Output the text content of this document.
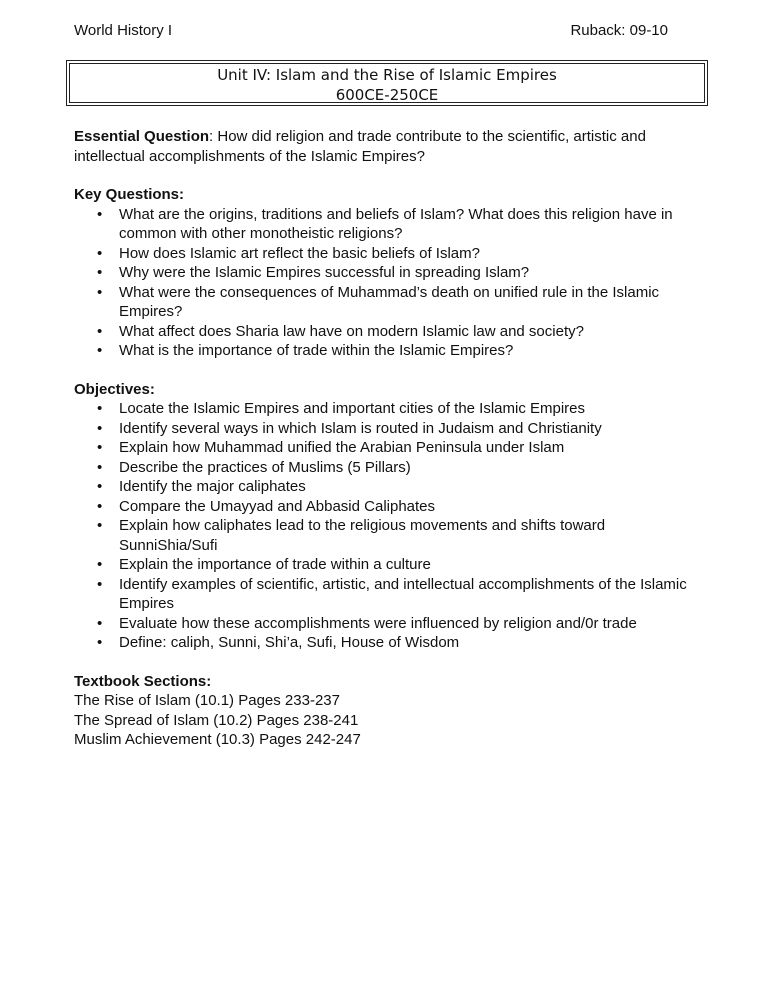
World History I	Ruback: 09-10
Unit IV: Islam and the Rise of Islamic Empires
600CE-250CE

Essential Question: How did religion and trade contribute to the scientific, artistic and intellectual accomplishments of the Islamic Empires?

Key Questions:

• What are the origins, traditions and beliefs of Islam? What does this religion have in common with other monotheistic religions?
• How does Islamic art reflect the basic beliefs of Islam?
• Why were the Islamic Empires successful in spreading Islam?
• What were the consequences of Muhammad’s death on unified rule in the Islamic Empires?
• What affect does Sharia law have on modern Islamic law and society?
• What is the importance of trade within the Islamic Empires?

Objectives:

• Locate the Islamic Empires and important cities of the Islamic Empires
• Identify several ways in which Islam is routed in Judaism and Christianity
• Explain how Muhammad unified the Arabian Peninsula under Islam
• Describe the practices of Muslims (5 Pillars)
• Identify the major caliphates
• Compare the Umayyad and Abbasid Caliphates
• Explain how caliphates lead to the religious movements and shifts toward SunniShia/Sufi
• Explain the importance of trade within a culture
• Identify examples of scientific, artistic, and intellectual accomplishments of the Islamic Empires
• Evaluate how these accomplishments were influenced by religion and/0r trade
• Define: caliph, Sunni, Shi’a, Sufi, House of Wisdom

Textbook Sections:

The Rise of Islam (10.1) Pages 233-237
The Spread of Islam (10.2) Pages 238-241
Muslim Achievement (10.3) Pages 242-247
